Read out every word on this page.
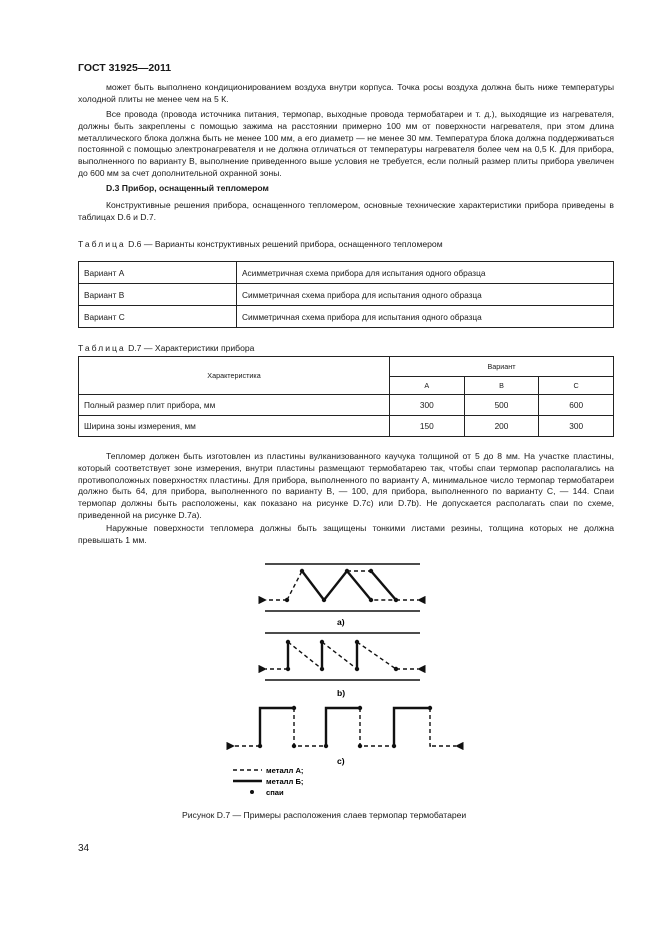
ГОСТ 31925—2011

может быть выполнено кондиционированием воздуха внутри корпуса. Точка росы воздуха должна быть ниже температуры холодной плиты не менее чем на 5 К.

Все провода (провода источника питания, термопар, выходные провода термобатареи и т. д.), выходящие из нагревателя, должны быть закреплены с помощью зажима на расстоянии примерно 100 мм от поверхности нагревателя, при этом длина металлического блока должна быть не менее 100 мм, а его диаметр — не менее 30 мм. Температура блока должна поддерживаться постоянной с помощью электронагревателя и не должна отличаться от температуры нагревателя более чем на 0,5 К. Для прибора, выполненного по варианту В, выполнение приведенного выше условия не требуется, если полный размер плиты прибора увеличен до 600 мм за счет дополнительной охранной зоны.

D.3 Прибор, оснащенный тепломером

Конструктивные решения прибора, оснащенного тепломером, основные технические характеристики прибора приведены в таблицах D.6 и D.7.

Таблица D.6 — Варианты конструктивных решений прибора, оснащенного тепломером
Вариант А	Асимметричная схема прибора для испытания одного образца
Вариант В	Симметричная схема прибора для испытания одного образца
Вариант С	Симметричная схема прибора для испытания одного образца
Таблица D.7 — Характеристики прибора
Характеристика	Вариант		
	А	В	С
Полный размер плит прибора, мм	300	500	600
Ширина зоны измерения, мм	150	200	300

Тепломер должен быть изготовлен из пластины вулканизованного каучука толщиной от 5 до 8 мм. На участке пластины, который соответствует зоне измерения, внутри пластины размещают термобатарею так, чтобы спаи термопар располагались на противоположных поверхностях пластины. Для прибора, выполненного по варианту А, минимальное число термопар термобатареи должно быть 64, для прибора, выполненного по варианту В, — 100, для прибора, выполненного по варианту С, — 144. Спаи термопар должны быть расположены, как показано на рисунке D.7c) или D.7b). Не допускается располагать спаи по схеме, приведенной на рисунке D.7a).

Наружные поверхности тепломера должны быть защищены тонкими листами резины, толщина которых не должна превышать 1 мм.

a)
b)
c)
металл А;
металл Б;
спаи
Рисунок D.7 — Примеры расположения слаев термопар термобатареи
34
